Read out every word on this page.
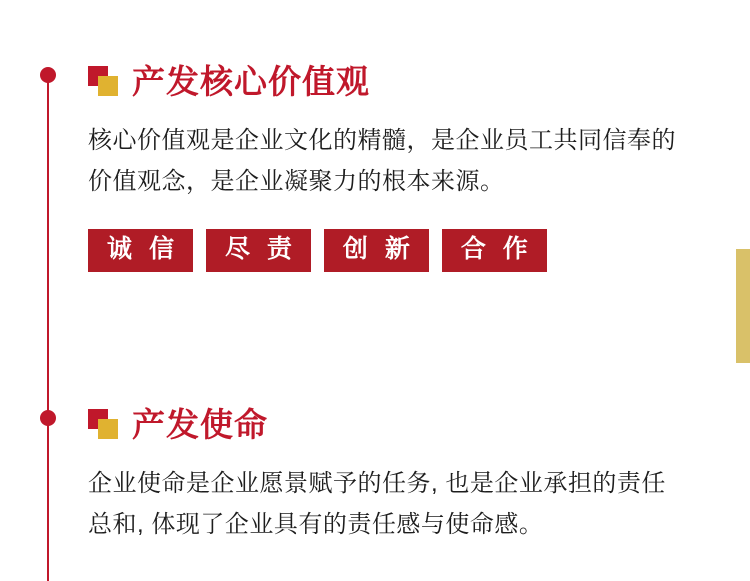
产发核心价值观
核心价值观是企业文化的精髓，是企业员工共同信奉的价值观念，是企业凝聚力的根本来源。
诚 信	尽 责	创 新	合 作
产发使命
企业使命是企业愿景赋予的任务, 也是企业承担的责任总和, 体现了企业具有的责任感与使命感。
